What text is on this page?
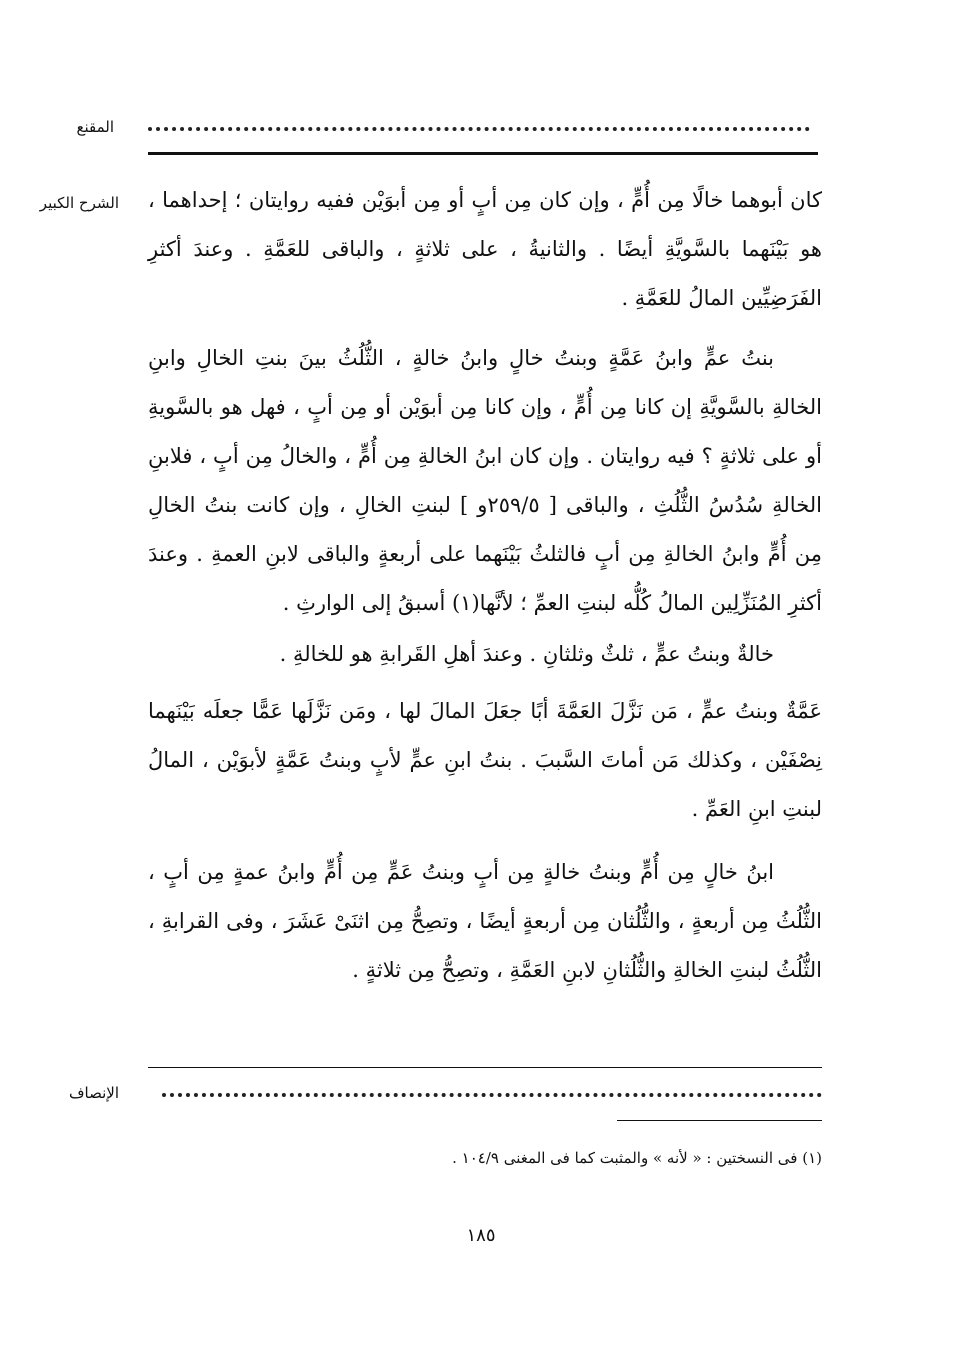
المقنع
الشرح الكبير كان أبوهما خالًا مِن أُمٍّ ، وإن كان مِن أبٍ أو مِن أبوَيْن ففيه روايتان ؛ إحداهما ، هو بَيْنَهما بالسَّويَّةِ أيضًا . والثانيةُ ، على ثلاثةٍ ، والباقى للعَمَّةِ . وعندَ أكثرِ الفَرَضِيِّين المالُ للعَمَّةِ .

بنتُ عمٍّ وابنُ عَمَّةٍ وبنتُ خالٍ وابنُ خالةٍ ، الثُّلُثُ بينَ بنتِ الخالِ وابنِ الخالةِ بالسَّويَّةِ إن كانا مِن أُمٍّ ، وإن كانا مِن أبوَيْن أو مِن أبٍ ، فهل هو بالسَّويةِ أو على ثلاثةٍ ؟ فيه روايتان . وإن كان ابنُ الخالةِ مِن أُمٍّ ، والخالُ مِن أبٍ ، فلابنِ الخالةِ سُدُسُ الثُّلُثِ ، والباقى [ ٢٥٩/٥و ] لبنتِ الخالِ ، وإن كانت بنتُ الخالِ مِن أُمٍّ وابنُ الخالةِ مِن أبٍ فالثلثُ بَيْنَهما على أربعةٍ والباقى لابنِ العمةِ . وعندَ أكثرِ المُنَزِّلِين المالُ كُلُّه لبنتِ العمِّ ؛ لأنَّها(١) أسبقُ إلى الوارثِ .

خالةٌ وبنتُ عمٍّ ، ثلثٌ وثلثانِ . وعندَ أهلِ القَرابةِ هو للخالةِ .

عَمَّةٌ وبنتُ عمٍّ ، مَن نَزَّلَ العَمَّةَ أبًا جعَلَ المالَ لها ، ومَن نَزَّلَها عَمًّا جعلَه بَيْنَهما نِصْفَيْن ، وكذلك مَن أماتَ السَّببَ . بنتُ ابنِ عمٍّ لأبٍ وبنتُ عَمَّةٍ لأبوَيْن ، المالُ لبنتِ ابنِ العَمِّ .

ابنُ خالٍ مِن أُمٍّ وبنتُ خالةٍ مِن أبٍ وبنتُ عَمٍّ مِن أُمٍّ وابنُ عمةٍ مِن أبٍ ، الثُّلُثُ مِن أربعةٍ ، والثُّلُثان مِن أربعةٍ أيضًا ، وتصِحُّ مِن اثنَىْ عَشَرَ ، وفى القرابةِ ، الثُّلُثُ لبنتِ الخالةِ والثُّلُثانِ لابنِ العَمَّةِ ، وتصِحُّ مِن ثلاثةٍ .

الإنصاف
(١) فى النسختين : « لأنه » والمثبت كما فى المغنى ١٠٤/٩ .
١٨٥
